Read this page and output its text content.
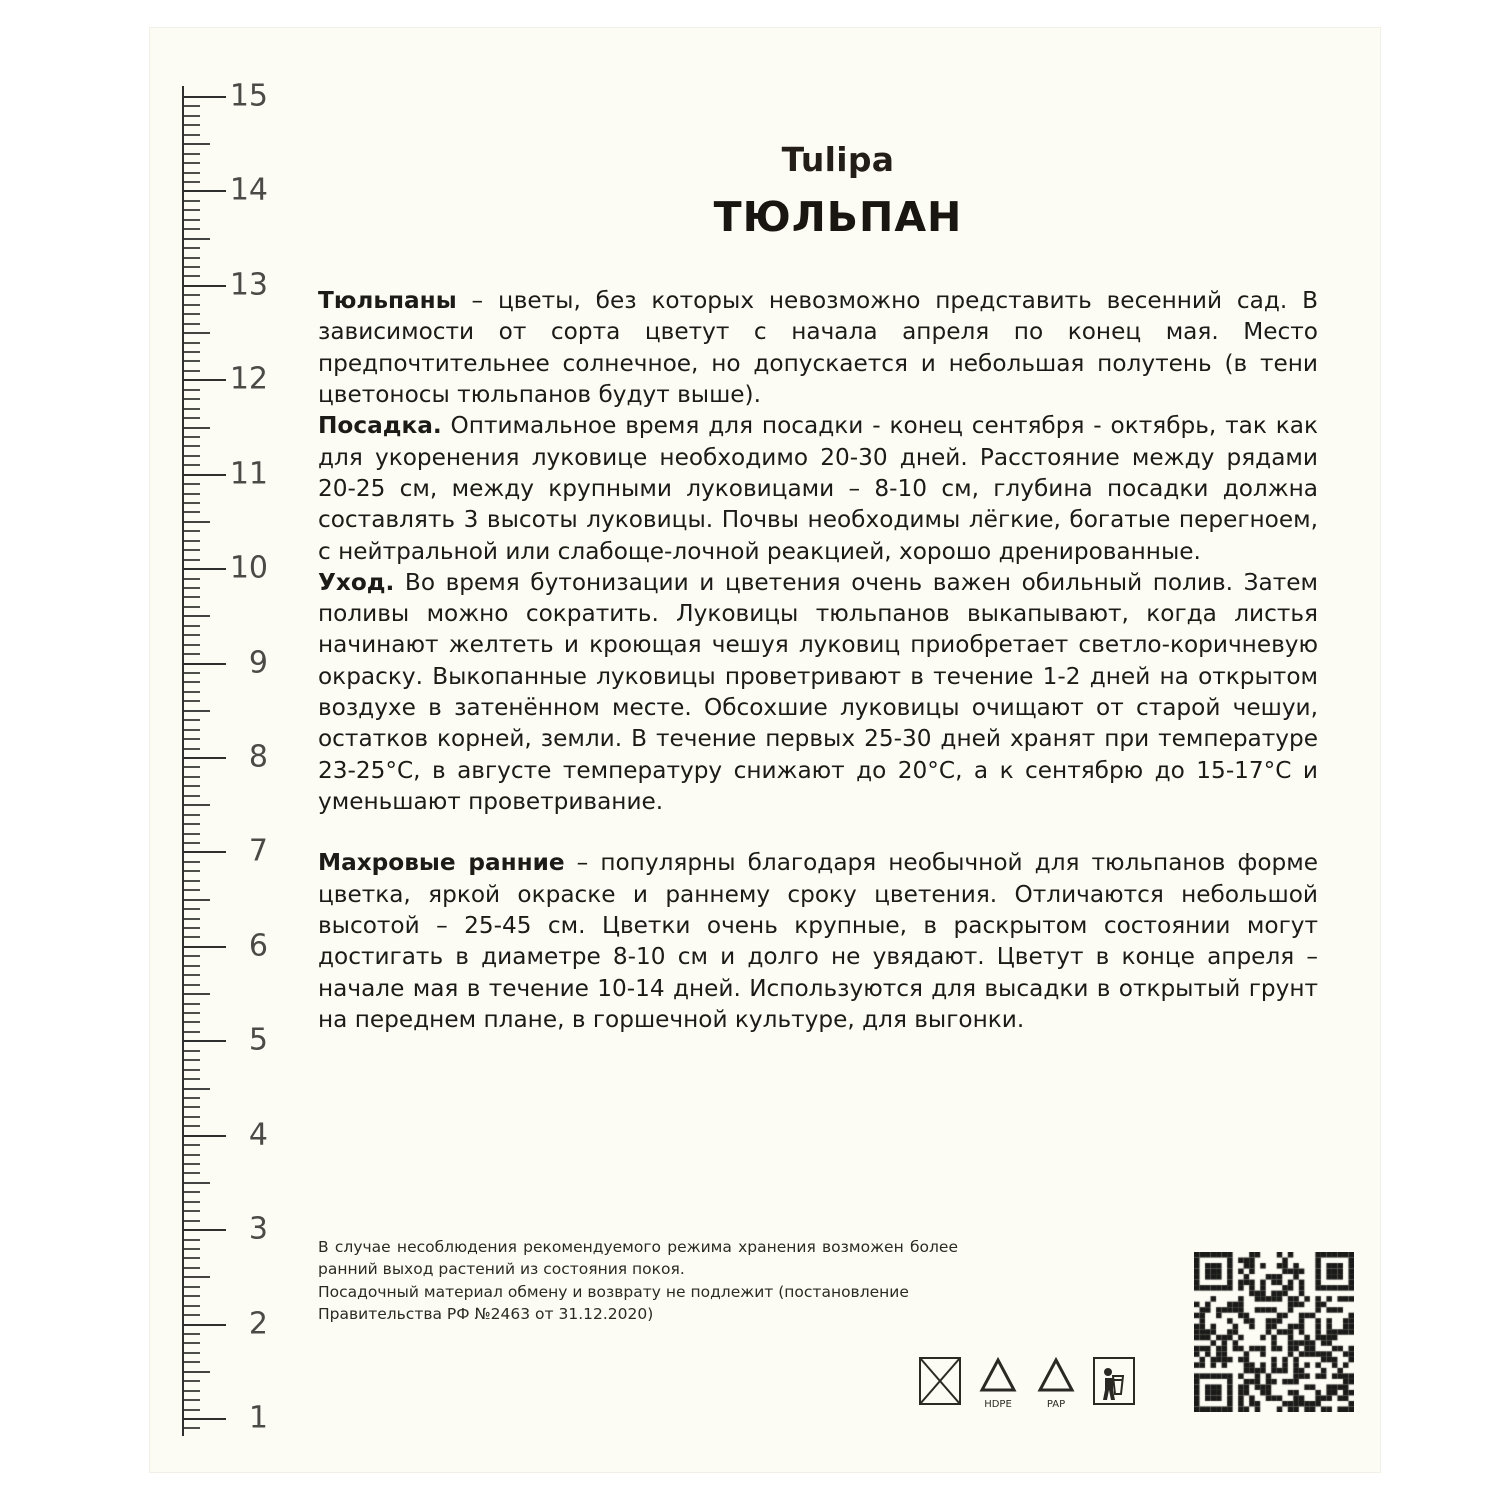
15
14
13
12
11
10
9
8
7
6
5
4
3
2
1
Tulipa
ТЮЛЬПАН

Тюльпаны – цветы, без которых невозможно представить весенний сад. В зависимости от сорта цветут с начала апреля по конец мая. Место предпочтительнее солнечное, но допускается и небольшая полутень (в тени цветоносы тюльпанов будут выше).

Посадка. Оптимальное время для посадки - конец сентября - октябрь, так как для укоренения луковице необходимо 20-30 дней. Расстояние между рядами 20-25 см, между крупными луковицами – 8-10 см, глубина посадки должна составлять 3 высоты луковицы. Почвы необходимы лёгкие, богатые перегноем, с нейтральной или слабоще-лочной реакцией, хорошо дренированные.

Уход. Во время бутонизации и цветения очень важен обильный полив. Затем поливы можно сократить. Луковицы тюльпанов выкапывают, когда листья начинают желтеть и кроющая чешуя луковиц приобретает светло-коричневую окраску. Выкопанные луковицы проветривают в течение 1-2 дней на открытом воздухе в затенённом месте. Обсохшие луковицы очищают от старой чешуи, остатков корней, земли. В течение первых 25-30 дней хранят при температуре 23-25°C, в августе температуру снижают до 20°C, а к сентябрю до 15-17°C и уменьшают проветривание.

Махровые ранние – популярны благодаря необычной для тюльпанов форме цветка, яркой окраске и раннему сроку цветения. Отличаются небольшой высотой – 25-45 см. Цветки очень крупные, в раскрытом состоянии могут достигать в диаметре 8-10 см и долго не увядают. Цветут в конце апреля – начале мая в течение 10-14 дней. Используются для высадки в открытый грунт на переднем плане, в горшечной культуре, для выгонки.

В случае несоблюдения рекомендуемого режима хранения возможен более ранний выход растений из состояния покоя.
Посадочный материал обмену и возврату не подлежит (постановление Правительства РФ №2463 от 31.12.2020)
HDPE	PAP
